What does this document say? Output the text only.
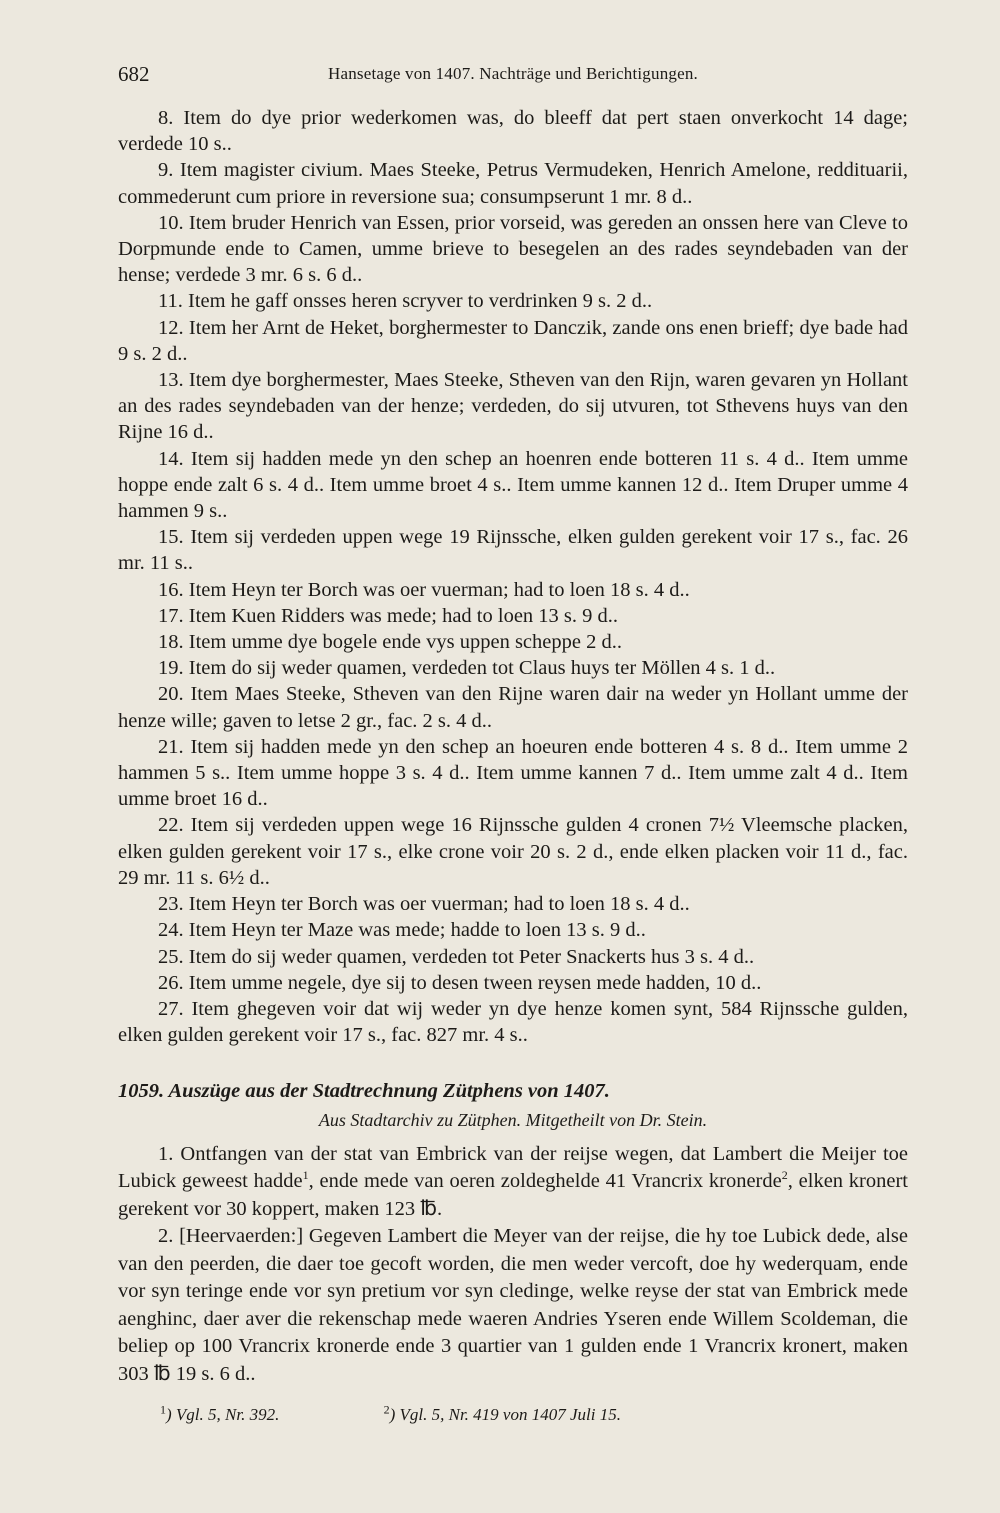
682	Hansetage von 1407. Nachträge und Berichtigungen.

8. Item do dye prior wederkomen was, do bleeff dat pert staen onverkocht 14 dage; verdede 10 s..

9. Item magister civium. Maes Steeke, Petrus Vermudeken, Henrich Amelone, reddituarii, commederunt cum priore in reversione sua; consumpserunt 1 mr. 8 d..

10. Item bruder Henrich van Essen, prior vorseid, was gereden an onssen here van Cleve to Dorpmunde ende to Camen, umme brieve to besegelen an des rades seyndebaden van der hense; verdede 3 mr. 6 s. 6 d..

11. Item he gaff onsses heren scryver to verdrinken 9 s. 2 d..

12. Item her Arnt de Heket, borghermester to Danczik, zande ons enen brieff; dye bade had 9 s. 2 d..

13. Item dye borghermester, Maes Steeke, Stheven van den Rijn, waren gevaren yn Hollant an des rades seyndebaden van der henze; verdeden, do sij utvuren, tot Sthevens huys van den Rijne 16 d..

14. Item sij hadden mede yn den schep an hoenren ende botteren 11 s. 4 d.. Item umme hoppe ende zalt 6 s. 4 d.. Item umme broet 4 s.. Item umme kannen 12 d.. Item Druper umme 4 hammen 9 s..

15. Item sij verdeden uppen wege 19 Rijnssche, elken gulden gerekent voir 17 s., fac. 26 mr. 11 s..

16. Item Heyn ter Borch was oer vuerman; had to loen 18 s. 4 d..

17. Item Kuen Ridders was mede; had to loen 13 s. 9 d..

18. Item umme dye bogele ende vys uppen scheppe 2 d..

19. Item do sij weder quamen, verdeden tot Claus huys ter Möllen 4 s. 1 d..

20. Item Maes Steeke, Stheven van den Rijne waren dair na weder yn Hollant umme der henze wille; gaven to letse 2 gr., fac. 2 s. 4 d..

21. Item sij hadden mede yn den schep an hoeuren ende botteren 4 s. 8 d.. Item umme 2 hammen 5 s.. Item umme hoppe 3 s. 4 d.. Item umme kannen 7 d.. Item umme zalt 4 d.. Item umme broet 16 d..

22. Item sij verdeden uppen wege 16 Rijnssche gulden 4 cronen 7½ Vleemsche placken, elken gulden gerekent voir 17 s., elke crone voir 20 s. 2 d., ende elken placken voir 11 d., fac. 29 mr. 11 s. 6½ d..

23. Item Heyn ter Borch was oer vuerman; had to loen 18 s. 4 d..

24. Item Heyn ter Maze was mede; hadde to loen 13 s. 9 d..

25. Item do sij weder quamen, verdeden tot Peter Snackerts hus 3 s. 4 d..

26. Item umme negele, dye sij to desen tween reysen mede hadden, 10 d..

27. Item ghegeven voir dat wij weder yn dye henze komen synt, 584 Rijnssche gulden, elken gulden gerekent voir 17 s., fac. 827 mr. 4 s..

1059. Auszüge aus der Stadtrechnung Zütphens von 1407.
Aus Stadtarchiv zu Zütphen. Mitgetheilt von Dr. Stein.

1. Ontfangen van der stat van Embrick van der reijse wegen, dat Lambert die Meijer toe Lubick geweest hadde$^1$, ende mede van oeren zoldeghelde 41 Vrancrix kronerde$^2$, elken kronert gerekent vor 30 koppert, maken 123 ℔.

2. [Heervaerden:] Gegeven Lambert die Meyer van der reijse, die hy toe Lubick dede, alse van den peerden, die daer toe gecoft worden, die men weder vercoft, doe hy wederquam, ende vor syn teringe ende vor syn pretium vor syn cledinge, welke reyse der stat van Embrick mede aenghinc, daer aver die rekenschap mede waeren Andries Yseren ende Willem Scoldeman, die beliep op 100 Vrancrix kronerde ende 3 quartier van 1 gulden ende 1 Vrancrix kronert, maken 303 ℔ 19 s. 6 d..

$^1$) Vgl. 5, Nr. 392.	$^2$) Vgl. 5, Nr. 419 von 1407 Juli 15.
